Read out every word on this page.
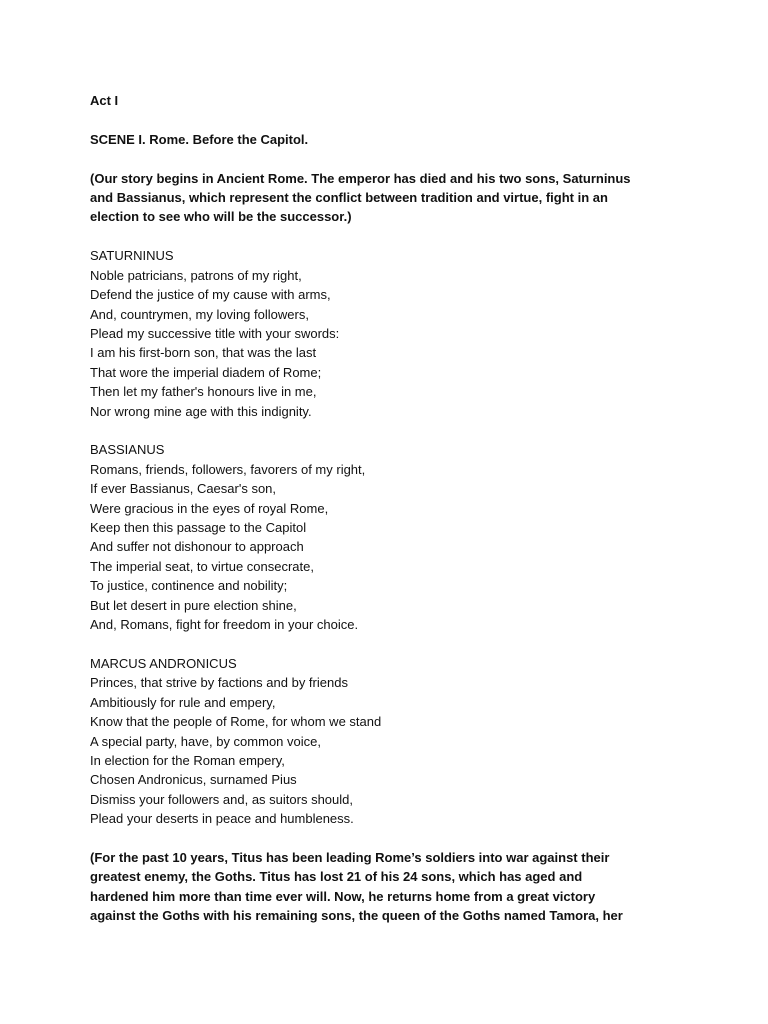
Act I

SCENE I. Rome. Before the Capitol.

(Our story begins in Ancient Rome. The emperor has died and his two sons, Saturninus
and Bassianus, which represent the conflict between tradition and virtue, fight in an
election to see who will be the successor.)

SATURNINUS
Noble patricians, patrons of my right,
Defend the justice of my cause with arms,
And, countrymen, my loving followers,
Plead my successive title with your swords:
I am his first-born son, that was the last
That wore the imperial diadem of Rome;
Then let my father's honours live in me,
Nor wrong mine age with this indignity.
BASSIANUS
Romans, friends, followers, favorers of my right,
If ever Bassianus, Caesar's son,
Were gracious in the eyes of royal Rome,
Keep then this passage to the Capitol
And suffer not dishonour to approach
The imperial seat, to virtue consecrate,
To justice, continence and nobility;
But let desert in pure election shine,
And, Romans, fight for freedom in your choice.
MARCUS ANDRONICUS
Princes, that strive by factions and by friends
Ambitiously for rule and empery,
Know that the people of Rome, for whom we stand
A special party, have, by common voice,
In election for the Roman empery,
Chosen Andronicus, surnamed Pius
Dismiss your followers and, as suitors should,
Plead your deserts in peace and humbleness.

(For the past 10 years, Titus has been leading Rome’s soldiers into war against their
greatest enemy, the Goths. Titus has lost 21 of his 24 sons, which has aged and
hardened him more than time ever will. Now, he returns home from a great victory
against the Goths with his remaining sons, the queen of the Goths named Tamora, her
